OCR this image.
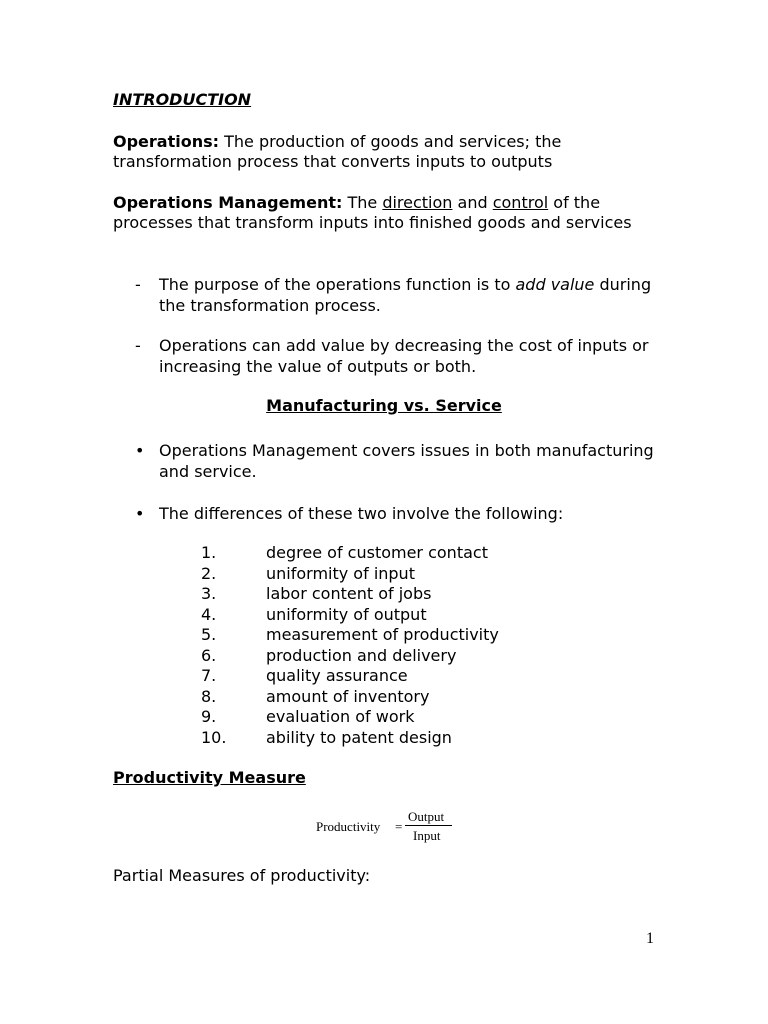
INTRODUCTION
Operations: The production of goods and services; the transformation process that converts inputs to outputs
Operations Management: The direction and control of the processes that transform inputs into finished goods and services
- The purpose of the operations function is to add value during the transformation process.
- Operations can add value by decreasing the cost of inputs or increasing the value of outputs or both.
Manufacturing vs. Service
• Operations Management covers issues in both manufacturing and service.
• The differences of these two involve the following:
1.	degree of customer contact
2.	uniformity of input
3.	labor content of jobs
4.	uniformity of output
5.	measurement of productivity
6.	production and delivery
7.	quality assurance
8.	amount of inventory
9.	evaluation of work
10. ability to patent design
Productivity Measure
Productivity =
Output
Input
Partial Measures of productivity:
1
